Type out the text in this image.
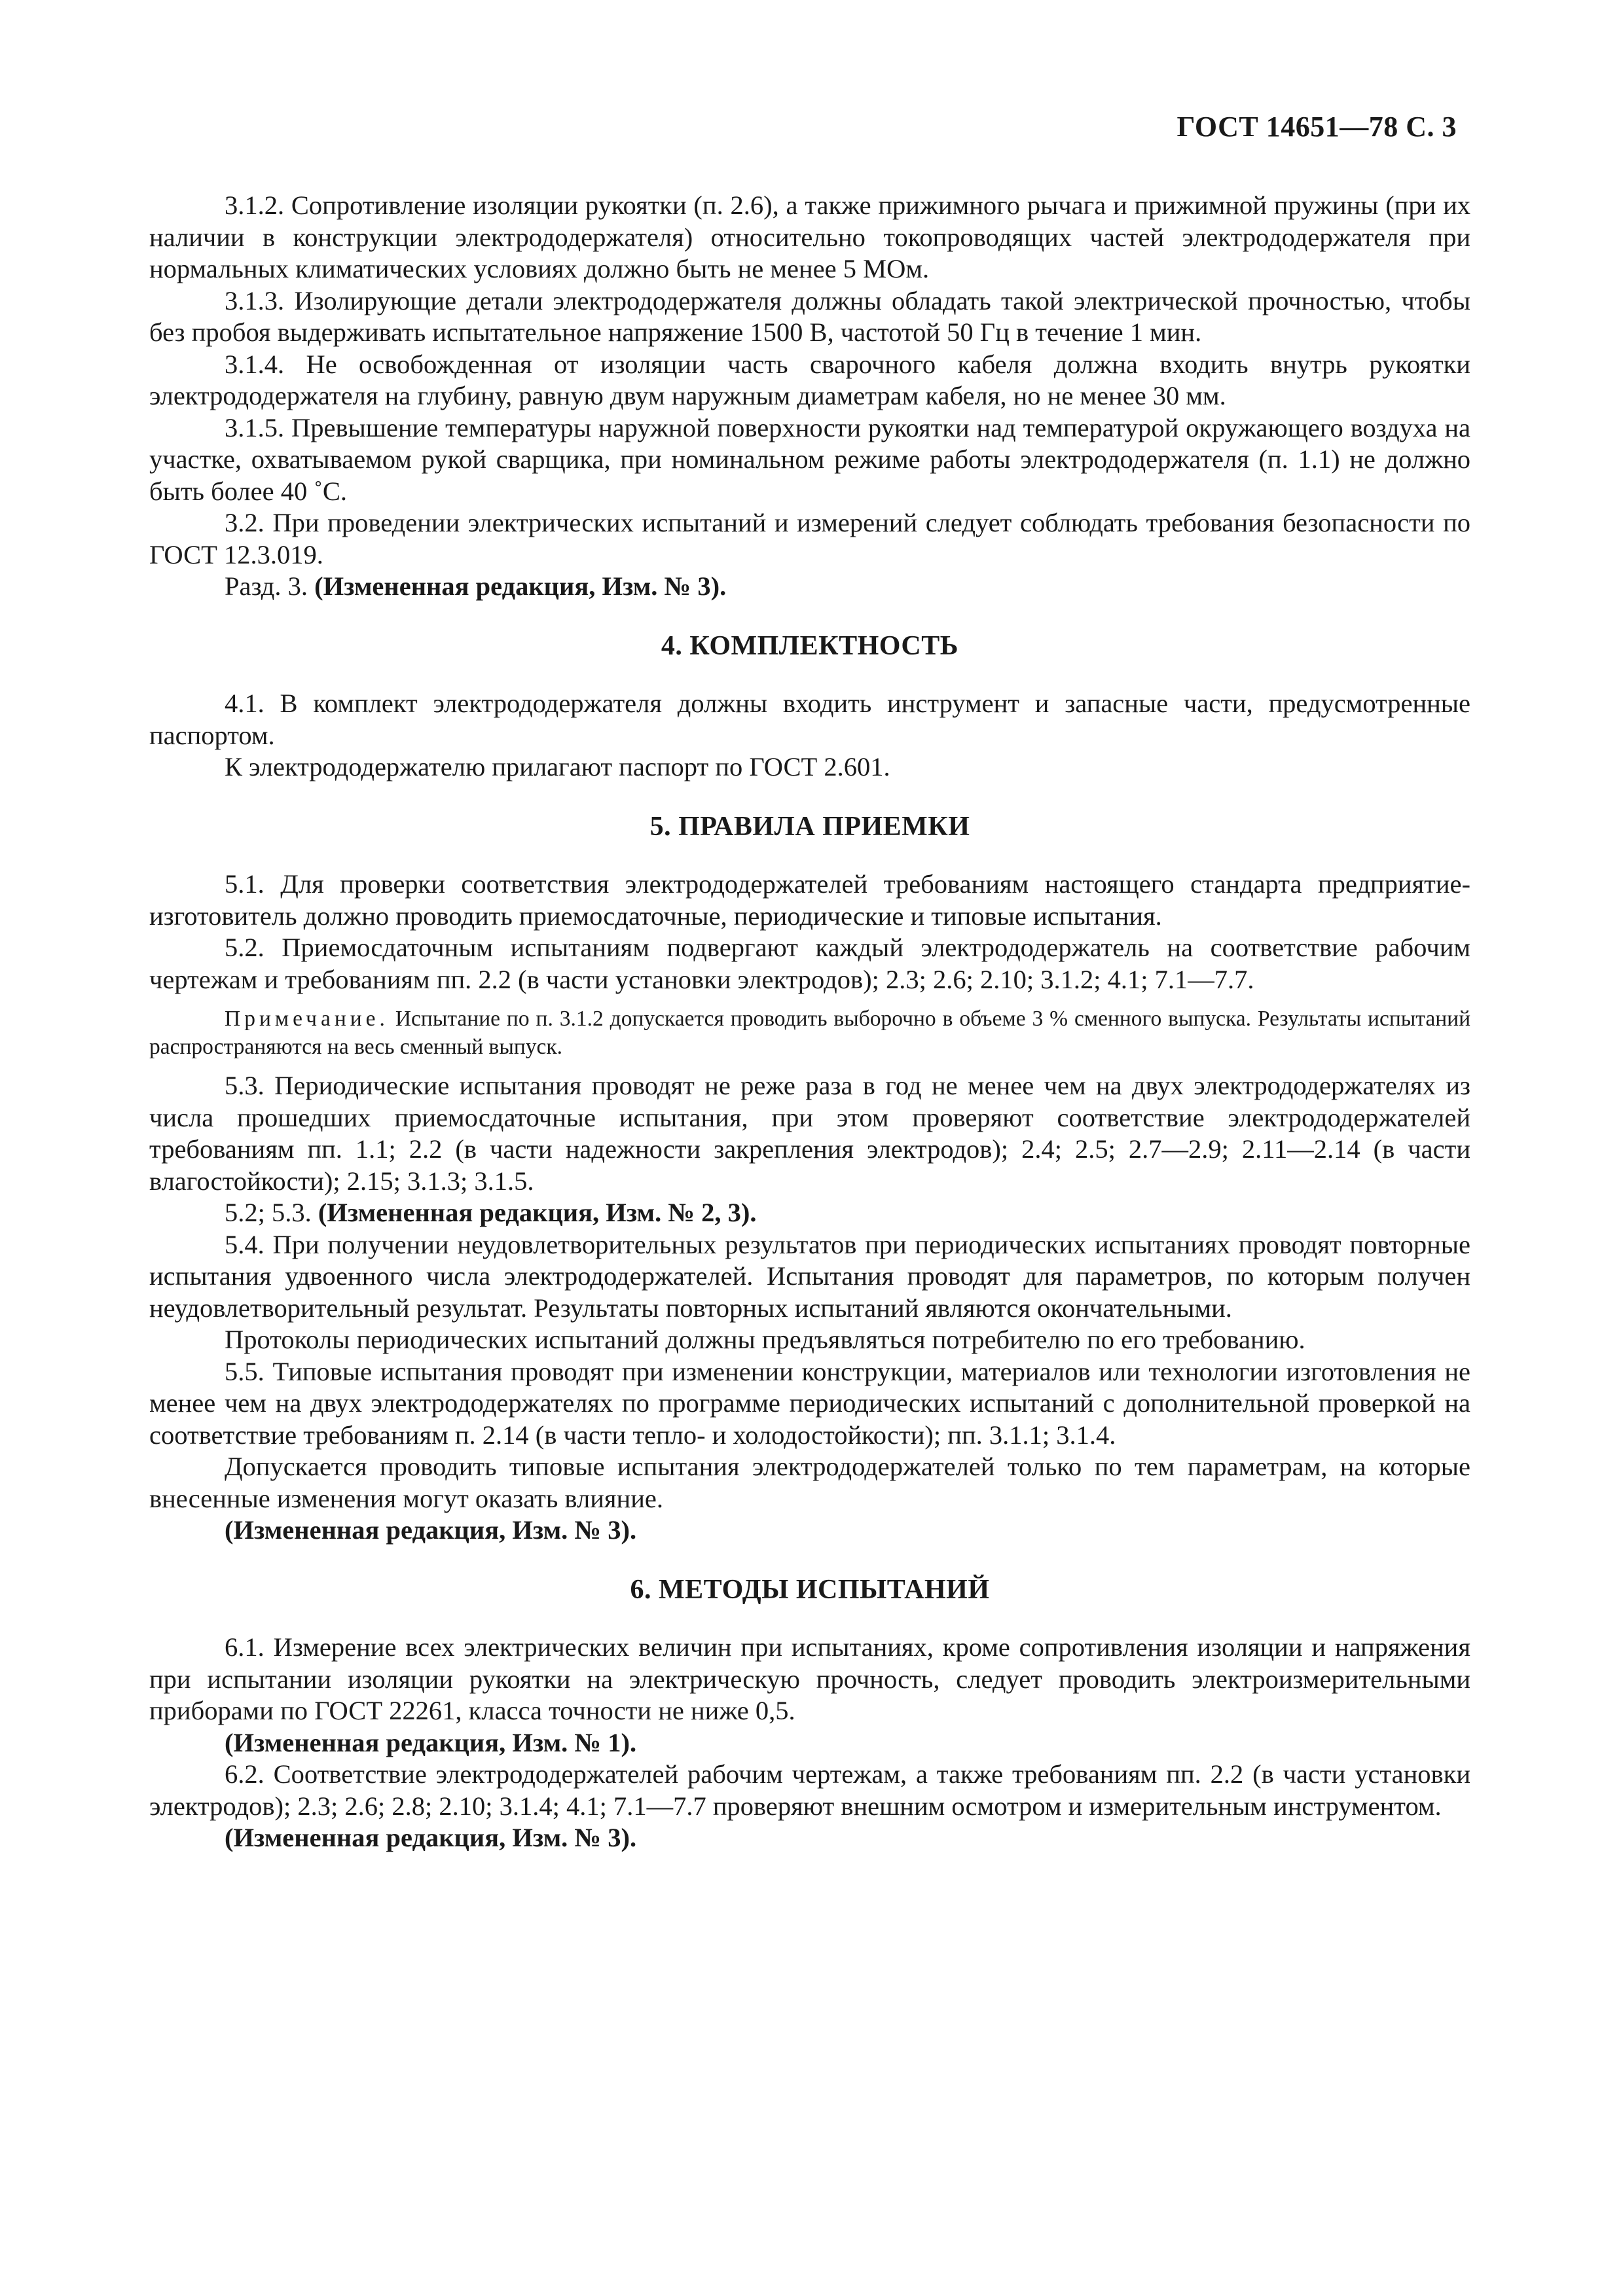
ГОСТ 14651—78 С. 3

3.1.2. Сопротивление изоляции рукоятки (п. 2.6), а также прижимного рычага и прижимной пружины (при их наличии в конструкции электрододержателя) относительно токопроводящих частей электрододержателя при нормальных климатических условиях должно быть не менее 5 МОм.

3.1.3. Изолирующие детали электрододержателя должны обладать такой электрической прочностью, чтобы без пробоя выдерживать испытательное напряжение 1500 В, частотой 50 Гц в течение 1 мин.

3.1.4. Не освобожденная от изоляции часть сварочного кабеля должна входить внутрь рукоятки электрододержателя на глубину, равную двум наружным диаметрам кабеля, но не менее 30 мм.

3.1.5. Превышение температуры наружной поверхности рукоятки над температурой окружающего воздуха на участке, охватываемом рукой сварщика, при номинальном режиме работы электрододержателя (п. 1.1) не должно быть более 40 ˚С.

3.2. При проведении электрических испытаний и измерений следует соблюдать требования безопасности по ГОСТ 12.3.019.

Разд. 3. (Измененная редакция, Изм. № 3).

4. КОМПЛЕКТНОСТЬ

4.1. В комплект электрододержателя должны входить инструмент и запасные части, предусмотренные паспортом.

К электрододержателю прилагают паспорт по ГОСТ 2.601.

5. ПРАВИЛА ПРИЕМКИ

5.1. Для проверки соответствия электрододержателей требованиям настоящего стандарта предприятие-изготовитель должно проводить приемосдаточные, периодические и типовые испытания.

5.2. Приемосдаточным испытаниям подвергают каждый электрододержатель на соответствие рабочим чертежам и требованиям пп. 2.2 (в части установки электродов); 2.3; 2.6; 2.10; 3.1.2; 4.1; 7.1—7.7.

Примечание. Испытание по п. 3.1.2 допускается проводить выборочно в объеме 3 % сменного выпуска. Результаты испытаний распространяются на весь сменный выпуск.

5.3. Периодические испытания проводят не реже раза в год не менее чем на двух электрододержателях из числа прошедших приемосдаточные испытания, при этом проверяют соответствие электрододержателей требованиям пп. 1.1; 2.2 (в части надежности закрепления электродов); 2.4; 2.5; 2.7—2.9; 2.11—2.14 (в части влагостойкости); 2.15; 3.1.3; 3.1.5.

5.2; 5.3. (Измененная редакция, Изм. № 2, 3).

5.4. При получении неудовлетворительных результатов при периодических испытаниях проводят повторные испытания удвоенного числа электрододержателей. Испытания проводят для параметров, по которым получен неудовлетворительный результат. Результаты повторных испытаний являются окончательными.

Протоколы периодических испытаний должны предъявляться потребителю по его требованию.

5.5. Типовые испытания проводят при изменении конструкции, материалов или технологии изготовления не менее чем на двух электрододержателях по программе периодических испытаний с дополнительной проверкой на соответствие требованиям п. 2.14 (в части тепло- и холодостойкости); пп. 3.1.1; 3.1.4.

Допускается проводить типовые испытания электрододержателей только по тем параметрам, на которые внесенные изменения могут оказать влияние.

(Измененная редакция, Изм. № 3).

6. МЕТОДЫ ИСПЫТАНИЙ

6.1. Измерение всех электрических величин при испытаниях, кроме сопротивления изоляции и напряжения при испытании изоляции рукоятки на электрическую прочность, следует проводить электроизмерительными приборами по ГОСТ 22261, класса точности не ниже 0,5.

(Измененная редакция, Изм. № 1).

6.2. Соответствие электрододержателей рабочим чертежам, а также требованиям пп. 2.2 (в части установки электродов); 2.3; 2.6; 2.8; 2.10; 3.1.4; 4.1; 7.1—7.7 проверяют внешним осмотром и измерительным инструментом.

(Измененная редакция, Изм. № 3).
